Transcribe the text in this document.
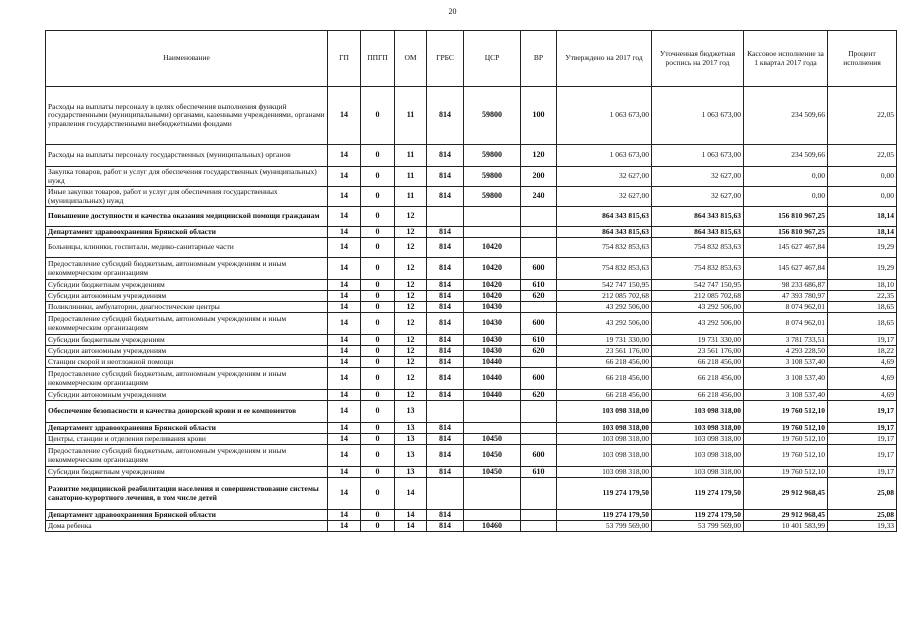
20
Наименование	ГП	ППГП	ОМ	ГРБС	ЦСР	ВР	Утверждено на 2017 год	Уточненная бюджетная роспись на 2017 год	Кассовое исполнение за 1 квартал 2017 года	Процент исполнения
Расходы на выплаты персоналу в целях обеспечения выполнения функций государственными (муниципальными) органами, казенными учреждениями, органами управления государственными внебюджетными фондами	14	0	11	814	59800	100	1 063 673,00	1 063 673,00	234 509,66	22,05
Расходы на выплаты персоналу государственных (муниципальных) органов	14	0	11	814	59800	120	1 063 673,00	1 063 673,00	234 509,66	22,05
Закупка товаров, работ и услуг для обеспечения государственных (муниципальных) нужд	14	0	11	814	59800	200	32 627,00	32 627,00	0,00	0,00
Иные закупки товаров, работ и услуг для обеспечения государственных (муниципальных) нужд	14	0	11	814	59800	240	32 627,00	32 627,00	0,00	0,00
Повышение доступности и качества оказания медицинской помощи гражданам	14	0	12				864 343 815,63	864 343 815,63	156 810 967,25	18,14
Департамент здравоохранения Брянской области	14	0	12	814			864 343 815,63	864 343 815,63	156 810 967,25	18,14
Больницы, клиники, госпитали, медико-санитарные части	14	0	12	814	10420		754 832 853,63	754 832 853,63	145 627 467,84	19,29
Предоставление субсидий бюджетным, автономным учреждениям и иным некоммерческим организациям	14	0	12	814	10420	600	754 832 853,63	754 832 853,63	145 627 467,84	19,29
Субсидии бюджетным учреждениям	14	0	12	814	10420	610	542 747 150,95	542 747 150,95	98 233 686,87	18,10
Субсидии автономным учреждениям	14	0	12	814	10420	620	212 085 702,68	212 085 702,68	47 393 780,97	22,35
Поликлиники, амбулатории, диагностические центры	14	0	12	814	10430		43 292 506,00	43 292 506,00	8 074 962,01	18,65
Предоставление субсидий бюджетным, автономным учреждениям и иным некоммерческим организациям	14	0	12	814	10430	600	43 292 506,00	43 292 506,00	8 074 962,01	18,65
Субсидии бюджетным учреждениям	14	0	12	814	10430	610	19 731 330,00	19 731 330,00	3 781 733,51	19,17
Субсидии автономным учреждениям	14	0	12	814	10430	620	23 561 176,00	23 561 176,00	4 293 228,50	18,22
Станции скорой и неотложной помощи	14	0	12	814	10440		66 218 456,00	66 218 456,00	3 108 537,40	4,69
Предоставление субсидий бюджетным, автономным учреждениям и иным некоммерческим организациям	14	0	12	814	10440	600	66 218 456,00	66 218 456,00	3 108 537,40	4,69
Субсидии автономным учреждениям	14	0	12	814	10440	620	66 218 456,00	66 218 456,00	3 108 537,40	4,69
Обеспечение безопасности и качества донорской крови и ее компонентов	14	0	13				103 098 318,00	103 098 318,00	19 760 512,10	19,17
Департамент здравоохранения Брянской области	14	0	13	814			103 098 318,00	103 098 318,00	19 760 512,10	19,17
Центры, станции и отделения переливания крови	14	0	13	814	10450		103 098 318,00	103 098 318,00	19 760 512,10	19,17
Предоставление субсидий бюджетным, автономным учреждениям и иным некоммерческим организациям	14	0	13	814	10450	600	103 098 318,00	103 098 318,00	19 760 512,10	19,17
Субсидии бюджетным учреждениям	14	0	13	814	10450	610	103 098 318,00	103 098 318,00	19 760 512,10	19,17
Развитие медицинской реабилитации населения и совершенствование системы санаторно-курортного лечения, в том числе детей	14	0	14				119 274 179,50	119 274 179,50	29 912 968,45	25,08
Департамент здравоохранения Брянской области	14	0	14	814			119 274 179,50	119 274 179,50	29 912 968,45	25,08
Дома ребенка	14	0	14	814	10460		53 799 569,00	53 799 569,00	10 401 583,99	19,33
